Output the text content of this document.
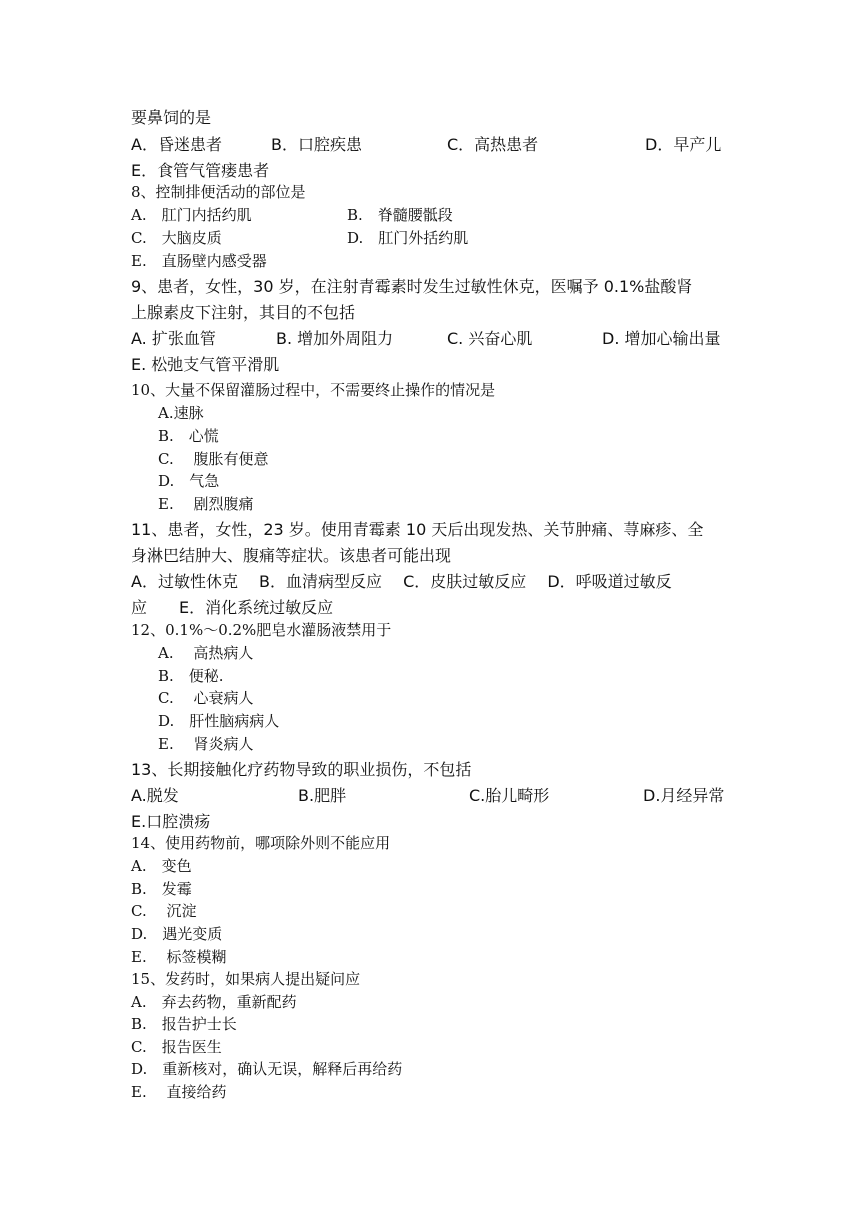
要鼻饲的是
A．昏迷患者	B．口腔疾患	C．高热患者	D．早产儿
E．食管气管瘘患者
8、控制排便活动的部位是
A.　肛门内括约肌	B.　脊髓腰骶段
C.　大脑皮质	D.　肛门外括约肌
E.　直肠壁内感受器
9、患者，女性，30 岁，在注射青霉素时发生过敏性休克，医嘱予 0.1%盐酸肾
上腺素皮下注射，其目的不包括
A. 扩张血管	B. 增加外周阻力	C. 兴奋心肌	D. 增加心输出量
E. 松弛支气管平滑肌
10、大量不保留灌肠过程中，不需要终止操作的情况是
A.速脉
B.　心慌
C.　 腹胀有便意
D.　气急
E.　 剧烈腹痛
11、患者，女性，23 岁。使用青霉素 10 天后出现发热、关节肿痛、荨麻疹、全
身淋巴结肿大、腹痛等症状。该患者可能出现
A．过敏性休克　 B．血清病型反应　 C．皮肤过敏反应　 D．呼吸道过敏反
应　　E．消化系统过敏反应
12、0.1%～0.2%肥皂水灌肠液禁用于
A.　 高热病人
B.　便秘.
C.　 心衰病人
D.　肝性脑病病人
E.　 肾炎病人
13、长期接触化疗药物导致的职业损伤，不包括
A.脱发	B.肥胖	C.胎儿畸形	D.月经异常
E.口腔溃疡
14、使用药物前，哪项除外则不能应用
A.　变色
B.　发霉
C.　 沉淀
D.　遇光变质
E.　 标签模糊
15、发药时，如果病人提出疑问应
A.　弃去药物，重新配药
B.　报告护士长
C.　报告医生
D.　重新核对，确认无误，解释后再给药
E.　 直接给药
